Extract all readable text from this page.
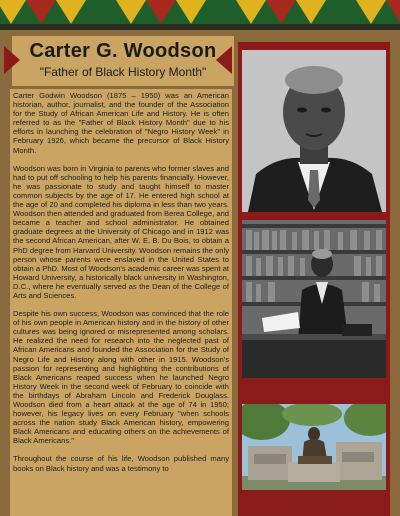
Carter G. Woodson
"Father of Black History Month"

Carter Godwin Woodson (1875 – 1950) was an American historian, author, journalist, and the founder of the Association for the Study of African American Life and History. He is often referred to as the "Father of Black History Month" due to his efforts in launching the celebration of "Negro History Week" in February 1926, which became the precursor of Black History Month.

Woodson was born in Virginia to parents who former slaves and had to put off schooling to help his parents financially. However, he was passionate to study and taught himself to master common subjects by the age of 17. He entered high school at the age of 20 and completed his diploma in less than two years. Woodson then attended and graduated from Berea College, and became a teacher and school administrator. He obtained graduate degrees at the University of Chicago and in 1912 was the second African American, after W. E. B. Du Bois, to obtain a PhD degree from Harvard University. Woodson remains the only person whose parents were enslaved in the United States to obtain a PhD. Most of Woodson's academic career was spent at Howard University, a historically black university in Washington, D.C., where he eventually served as the Dean of the College of Arts and Sciences.

Despite his own success, Woodson was convinced that the role of his own people in American history and in the history of other cultures was being ignored or misrepresented among scholars. He realized the need for research into the neglected past of African Americans and founded the Association for the Study of Negro Life and History along with other in 1915. Woodson's passion for representing and highlighting the contributions of Black Americans reaped success when he launched Negro History Week in the second week of February to coincide with the birthdays of Abraham Lincoln and Frederick Douglass. Woodson died from a heart attack at the age of 74 in 1950; however, his legacy lives on every February "when schools across the nation study Black American history, empowering Black Americans and educating others on the achievements of Black Americans."

Throughout the course of his life, Woodson published many books on Black history and was a testimony to
